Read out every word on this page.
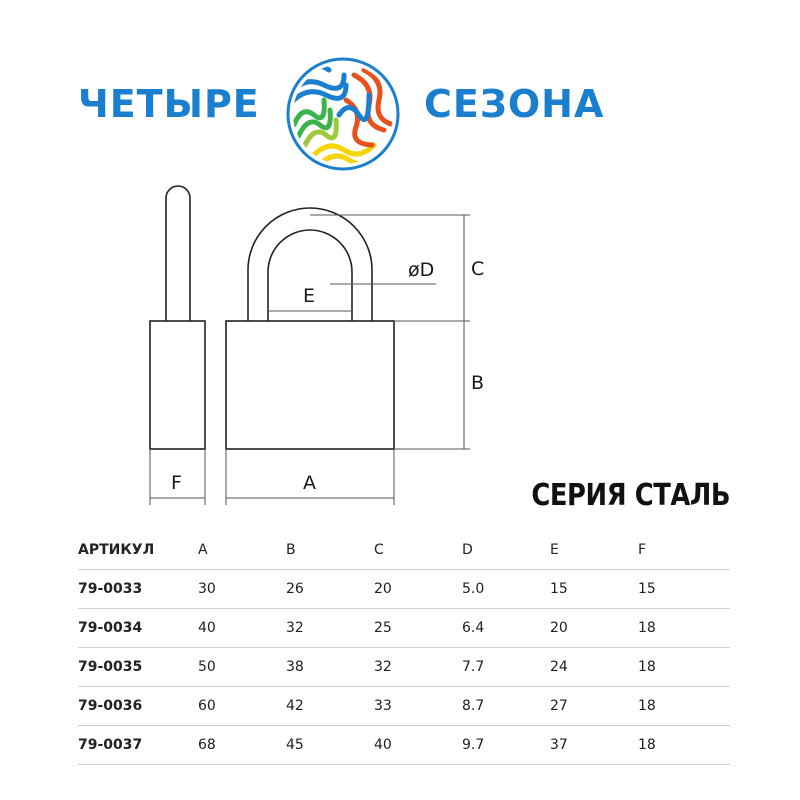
ЧЕТЫРЕ	СЕЗОНА
C
B
øD
E
F	A	СЕРИЯ СТАЛЬ
АРТИКУЛ	A	B	C	D	E	F
79-0033	30	26	20	5.0	15	15
79-0034	40	32	25	6.4	20	18
79-0035	50	38	32	7.7	24	18
79-0036	60	42	33	8.7	27	18
79-0037	68	45	40	9.7	37	18
